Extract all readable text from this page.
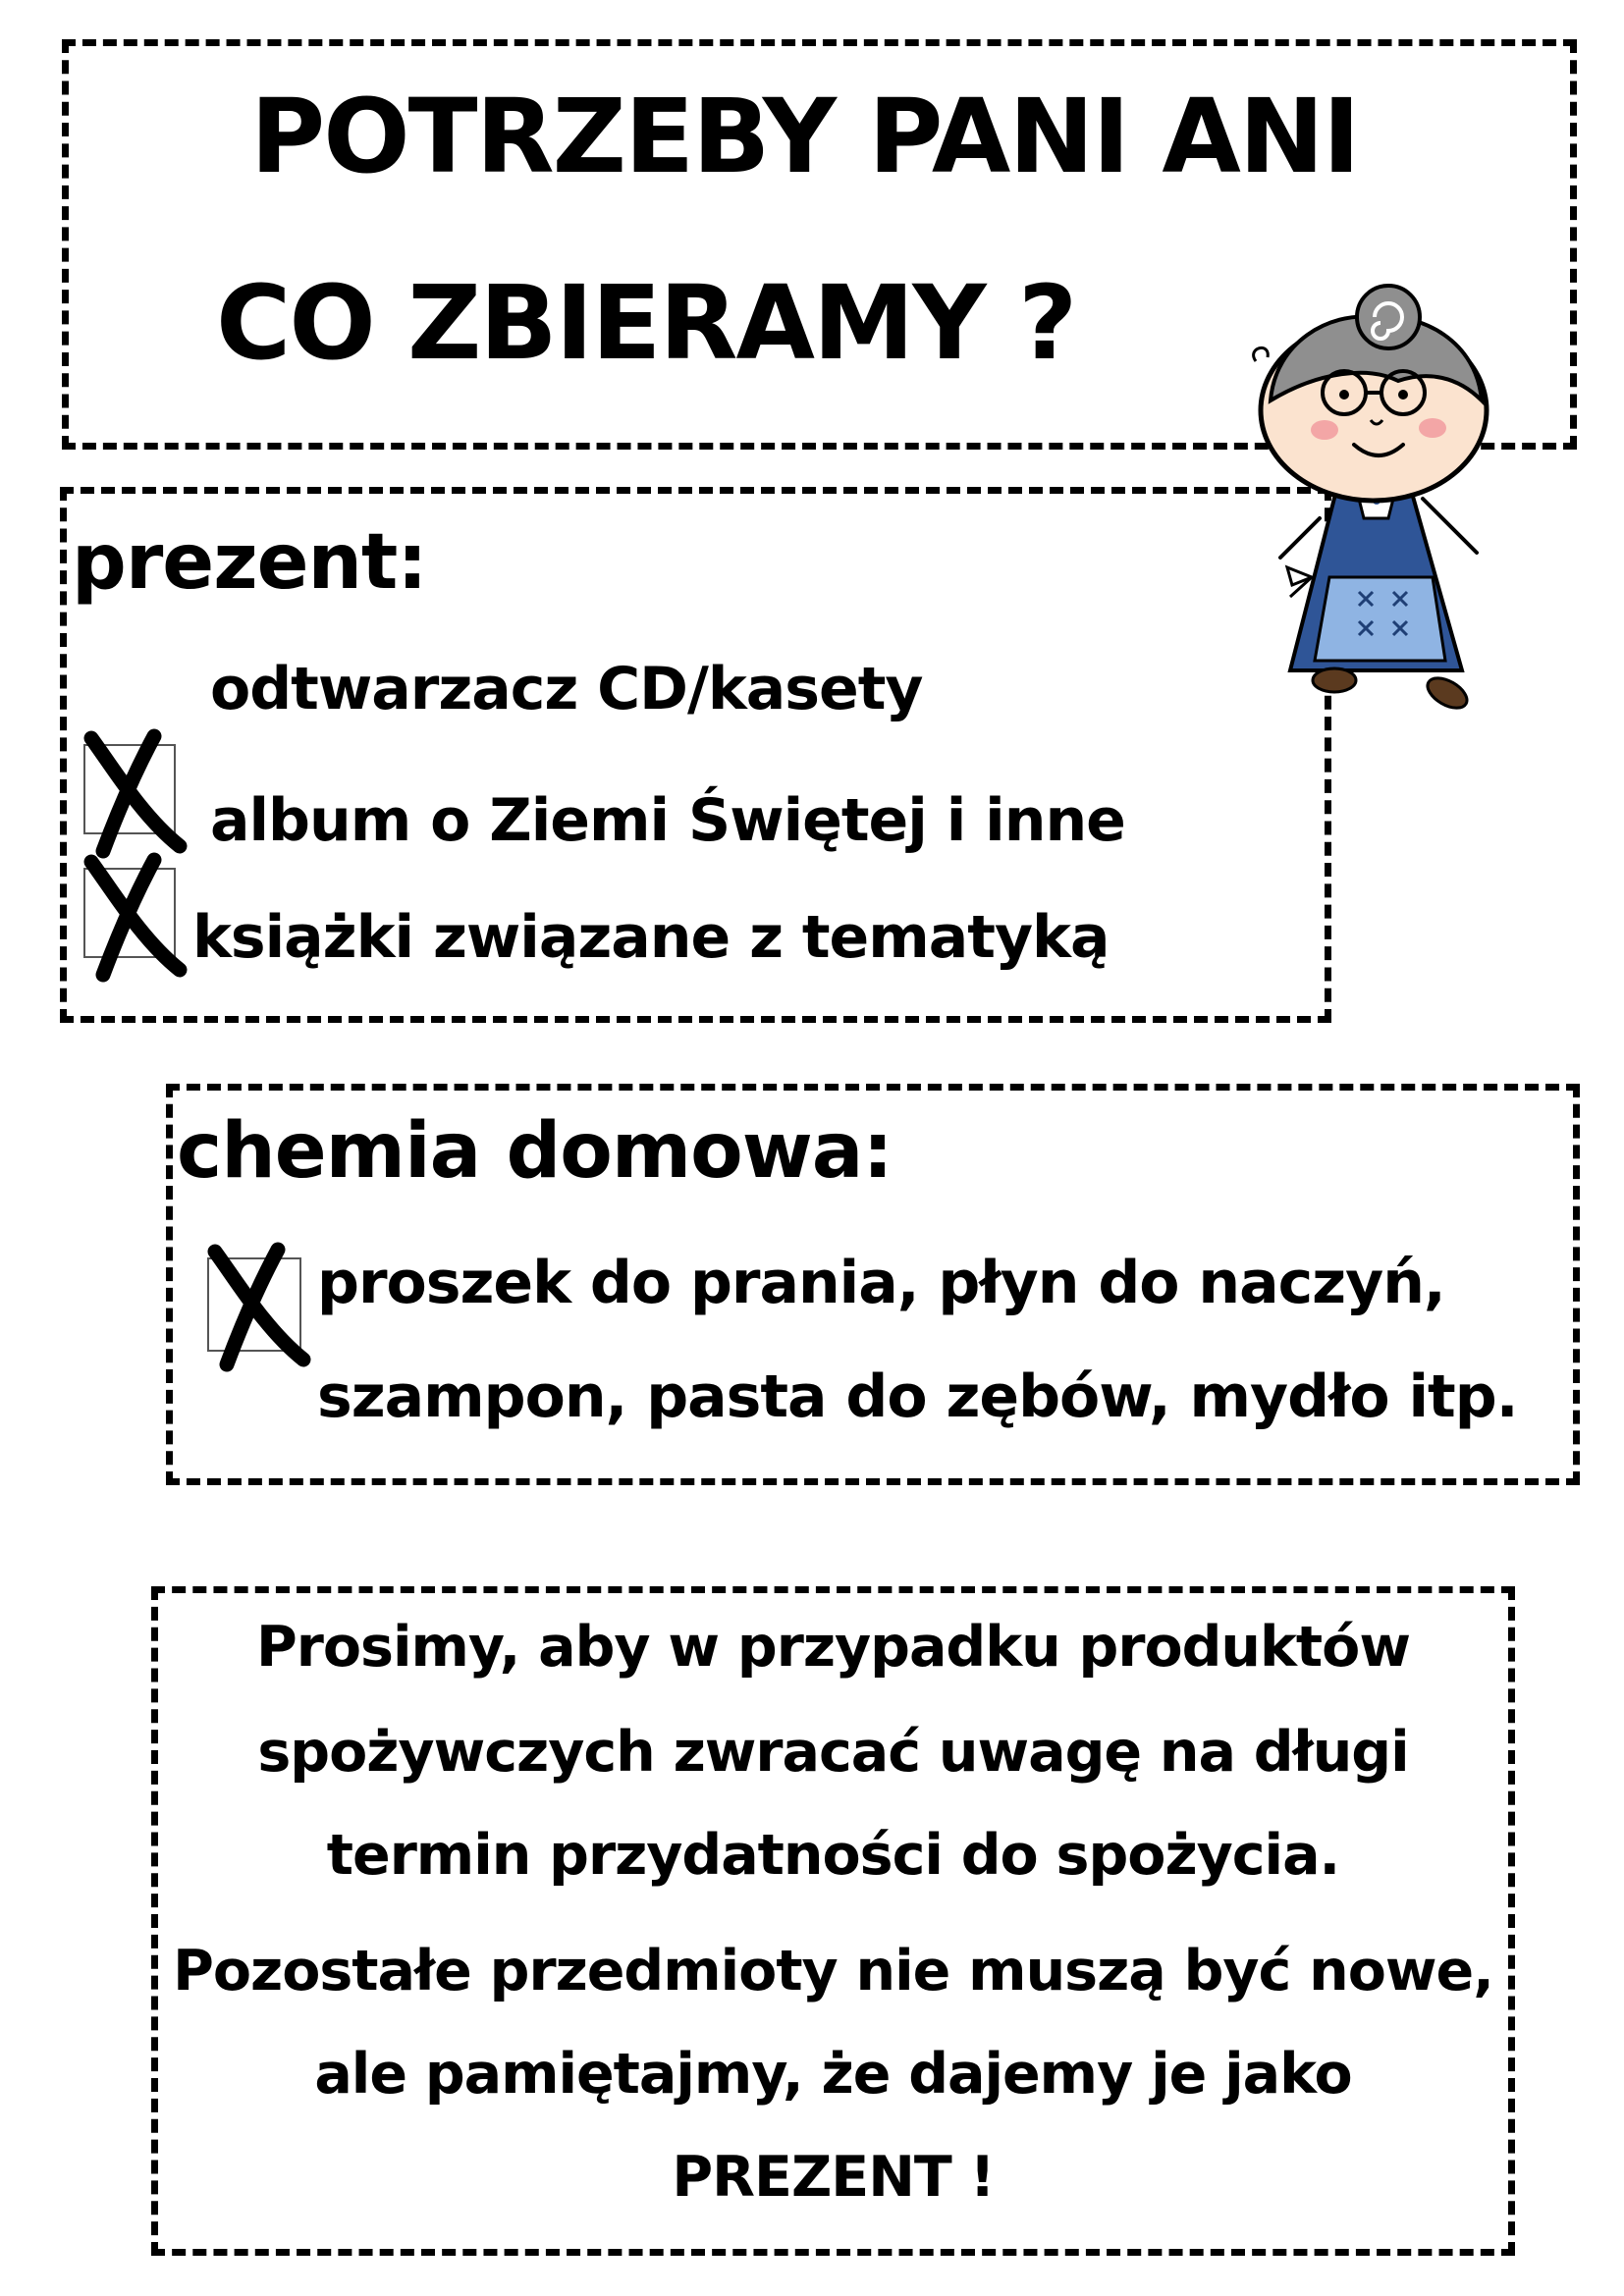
POTRZEBY PANI ANI
CO ZBIERAMY ?
prezent:
odtwarzacz CD/kasety
album o Ziemi Świętej i inne
książki związane z tematyką
chemia domowa:
proszek do prania, płyn do naczyń,
szampon, pasta do zębów, mydło itp.
Prosimy, aby w przypadku produktów
spożywczych zwracać uwagę na długi
termin przydatności do spożycia.
Pozostałe przedmioty nie muszą być nowe,
ale pamiętajmy, że dajemy je jako
PREZENT !
